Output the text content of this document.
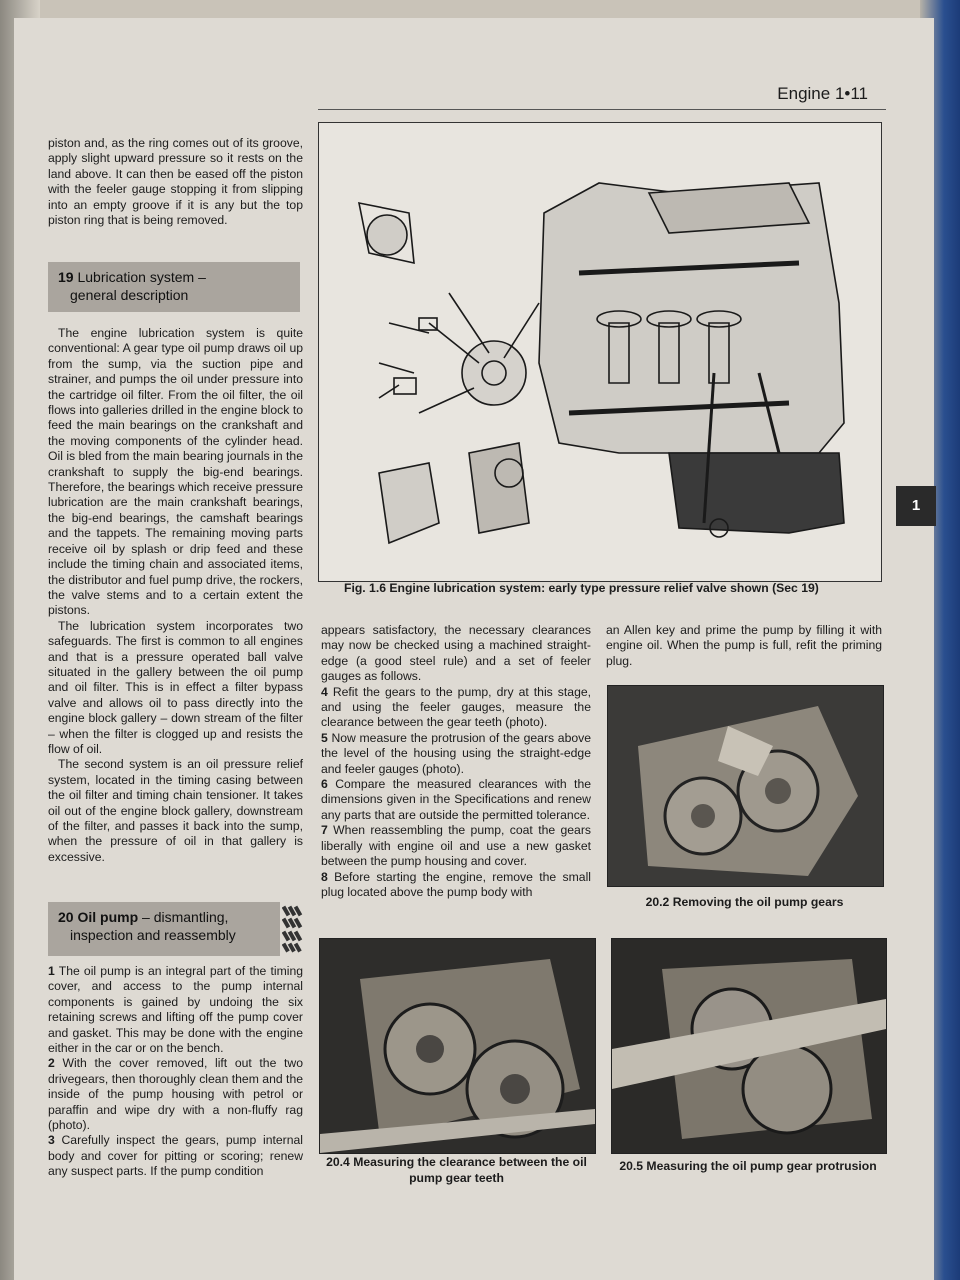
Engine 1•11

piston and, as the ring comes out of its groove, apply slight upward pressure so it rests on the land above. It can then be eased off the piston with the feeler gauge stopping it from slipping into an empty groove if it is any but the top piston ring that is being removed.

19 Lubrication system –
general description

The engine lubrication system is quite conventional: A gear type oil pump draws oil up from the sump, via the suction pipe and strainer, and pumps the oil under pressure into the cartridge oil filter. From the oil filter, the oil flows into galleries drilled in the engine block to feed the main bearings on the crankshaft and the moving components of the cylinder head. Oil is bled from the main bearing journals in the crankshaft to supply the big-end bearings. Therefore, the bearings which receive pressure lubrication are the main crankshaft bearings, the big-end bearings, the camshaft bearings and the tappets. The remaining moving parts receive oil by splash or drip feed and these include the timing chain and associated items, the distributor and fuel pump drive, the rockers, the valve stems and to a certain extent the pistons.

The lubrication system incorporates two safeguards. The first is common to all engines and that is a pressure operated ball valve situated in the gallery between the oil pump and oil filter. This is in effect a filter bypass valve and allows oil to pass directly into the engine block gallery – down stream of the filter – when the filter is clogged up and resists the flow of oil.

The second system is an oil pressure relief system, located in the timing casing between the oil filter and timing chain tensioner. It takes oil out of the engine block gallery, downstream of the filter, and passes it back into the sump, when the pressure of oil in that gallery is excessive.

20 Oil pump – dismantling,
inspection and reassembly

1 The oil pump is an integral part of the timing cover, and access to the pump internal components is gained by undoing the six retaining screws and lifting off the pump cover and gasket. This may be done with the engine either in the car or on the bench.

2 With the cover removed, lift out the two drivegears, then thoroughly clean them and the inside of the pump housing with petrol or paraffin and wipe dry with a non-fluffy rag (photo).

3 Carefully inspect the gears, pump internal body and cover for pitting or scoring; renew any suspect parts. If the pump condition

Fig. 1.6 Engine lubrication system: early type pressure relief valve shown (Sec 19)

appears satisfactory, the necessary clearances may now be checked using a machined straight-edge (a good steel rule) and a set of feeler gauges as follows.

4 Refit the gears to the pump, dry at this stage, and using the feeler gauges, measure the clearance between the gear teeth (photo).

5 Now measure the protrusion of the gears above the level of the housing using the straight-edge and feeler gauges (photo).

6 Compare the measured clearances with the dimensions given in the Specifications and renew any parts that are outside the permitted tolerance.

7 When reassembling the pump, coat the gears liberally with engine oil and use a new gasket between the pump housing and cover.

8 Before starting the engine, remove the small plug located above the pump body with

an Allen key and prime the pump by filling it with engine oil. When the pump is full, refit the priming plug.

20.2 Removing the oil pump gears
20.4 Measuring the clearance between the oil pump gear teeth
20.5 Measuring the oil pump gear protrusion
1
